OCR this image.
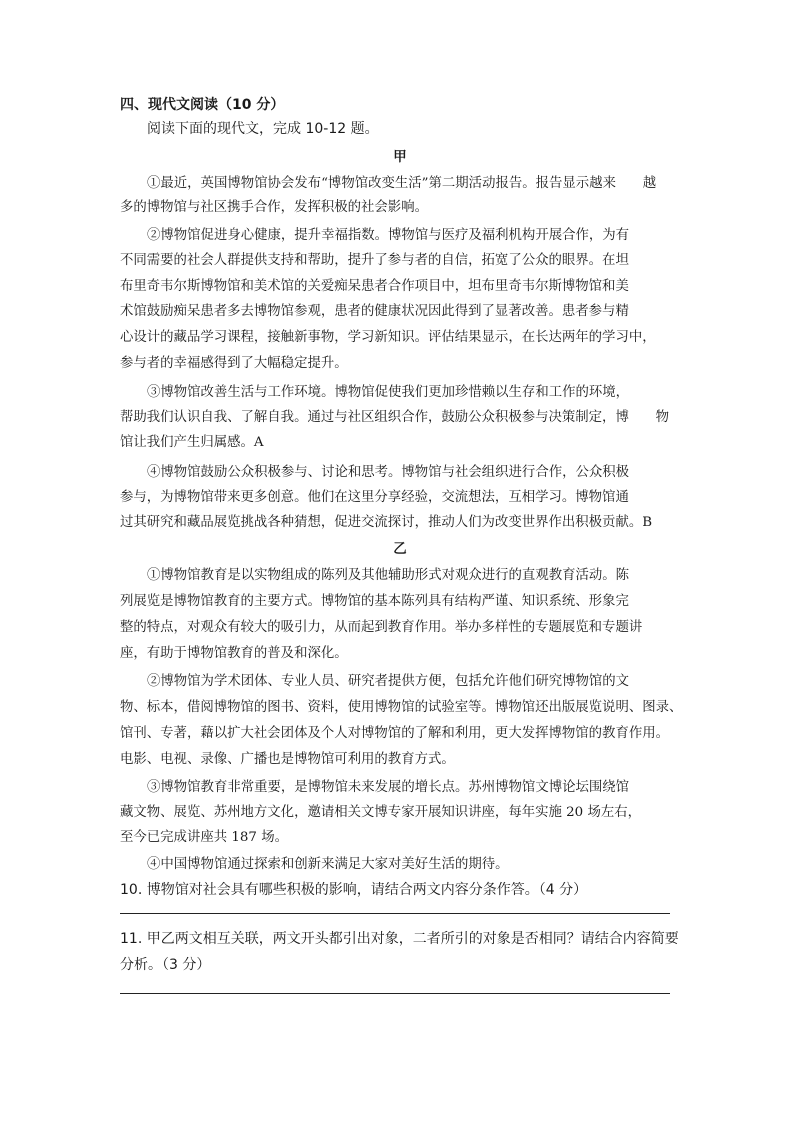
四、现代文阅读（10 分）
阅读下面的现代文，完成 10-12 题。
甲
①最近，英国博物馆协会发布“博物馆改变生活”第二期活动报告。报告显示越来　　越
多的博物馆与社区携手合作，发挥积极的社会影响。
②博物馆促进身心健康，提升幸福指数。博物馆与医疗及福利机构开展合作，为有
不同需要的社会人群提供支持和帮助，提升了参与者的自信，拓宽了公众的眼界。在坦
布里奇韦尔斯博物馆和美术馆的关爱痴呆患者合作项目中，坦布里奇韦尔斯博物馆和美
术馆鼓励痴呆患者多去博物馆参观，患者的健康状况因此得到了显著改善。患者参与精
心设计的藏品学习课程，接触新事物，学习新知识。评估结果显示，在长达两年的学习中，
参与者的幸福感得到了大幅稳定提升。
③博物馆改善生活与工作环境。博物馆促使我们更加珍惜赖以生存和工作的环境，
帮助我们认识自我、了解自我。通过与社区组织合作，鼓励公众积极参与决策制定，博　　物
馆让我们产生归属感。A
④博物馆鼓励公众积极参与、讨论和思考。博物馆与社会组织进行合作，公众积极
参与，为博物馆带来更多创意。他们在这里分享经验，交流想法，互相学习。博物馆通
过其研究和藏品展览挑战各种猜想，促进交流探讨，推动人们为改变世界作出积极贡献。B
乙
①博物馆教育是以实物组成的陈列及其他辅助形式对观众进行的直观教育活动。陈
列展览是博物馆教育的主要方式。博物馆的基本陈列具有结构严谨、知识系统、形象完
整的特点，对观众有较大的吸引力，从而起到教育作用。举办多样性的专题展览和专题讲
座，有助于博物馆教育的普及和深化。
②博物馆为学术团体、专业人员、研究者提供方便，包括允许他们研究博物馆的文
物、标本，借阅博物馆的图书、资料，使用博物馆的试验室等。博物馆还出版展览说明、图录、
馆刊、专著，藉以扩大社会团体及个人对博物馆的了解和利用，更大发挥博物馆的教育作用。
电影、电视、录像、广播也是博物馆可利用的教育方式。
③博物馆教育非常重要，是博物馆未来发展的增长点。苏州博物馆文博论坛围绕馆
藏文物、展览、苏州地方文化，邀请相关文博专家开展知识讲座，每年实施 20 场左右，
至今已完成讲座共 187 场。
④中国博物馆通过探索和创新来满足大家对美好生活的期待。
10. 博物馆对社会具有哪些积极的影响，请结合两文内容分条作答。（4 分）
11. 甲乙两文相互关联，两文开头都引出对象，二者所引的对象是否相同？请结合内容简要
分析。（3 分）
